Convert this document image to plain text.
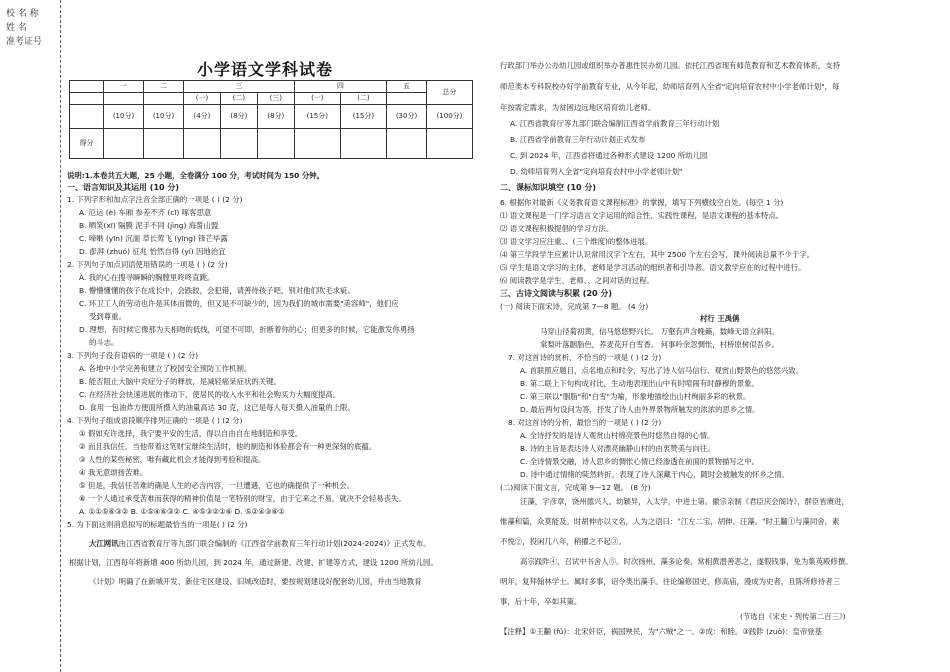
校 名 称
姓 名
准考证号
小学语文学科试卷
	一	二	三			四		五	总分
			(一)	(二)	(三)	(一)	(二)		
	(10分)	(10分)	(4分)	(8分)	(8分)	(15分)	(15分)	(30分)	(100分)
得分									
说明:1.本卷共五大题，25 小题，全卷满分 100 分，考试时间为 150 分钟。
一、语言知识及其运用 (10 分)
1. 下列字形和加点字注音全部正确的一项是 ( ) (2 分)
A. 厄运 (è) 车厢 参差不齐 (cī) 啄客思意
B. 哂笑(xī) 隔膜 泥手不同 (jìng) 海誓山盟
C. 啼啭 (yīn) 沉湎 草长莺飞 (yīng) 锋芒毕露
D. 澎湃 (zhuó) 征兆 怡然自得 (yí) 因地治宜
2. 下列句子加点词语使用错误的一项是 ( ) (2 分)
A. 我的心在搜寻瞬瞬的胸膛里咚咚直跳。
B. 懵懵懂懂的孩子在成长中，会跌跤，会犯错，请善待孩子吧，别对他们吹毛求疵。
C. 环卫工人的劳动也许是其体而微的，但又是不可缺少的，因为我们的城市需要"美容师"，他们应
受到尊重。
D. 理想，有时候它像那为天相吻的低线，可望不可即，折断着你的心；但更多的时候，它能激发你勇扬
的斗志。
3. 下列句子没有语病的一项是 ( ) (2 分)
A. 各地中小学完善和建立了校园安全预防工作机制。
B. 能否阻止大脑中炎症分子的释放，是减轻癌呆症状的关键。
C. 在经济社会快速进展的推动下，使居民的收入水平和社会购买力大幅度提高。
D. 食用一包油炸方便面所摄入的油量高达 30 克，这已是每人每天摄入油量的上限。
4. 下列句子组成语段顺序排列正确的一项是 ( ) (2 分)
① 假如充许选择，我宁要平安的生活，得以自由自在地制造和享受。
② 而且我信任，当他带着这笔财宝继续生活时，他的制造和体验都会有一种更深刻的底蕴。
③ 人性的某些秘密，唯有藏此机会才能得到考验和提高。
④ 我无意颂扬苦难。
⑤ 但是，我信任苦难的确是人生的必含内容，一旦遭遇，它也的确提供了一种机会。
⑥ 一个人通过承受苦难而获得的精神价值是一笔特别的财宝，由于它来之不易，就决不会轻易丧失。
A. ①①⑤⑥③② B. ①⑤④⑥③② C. ④⑤③②①⑥ D. ⑤②④③⑥①
5. 为下面这则消息拟写的标题最恰当的一项是( ) (2 分)
大江网讯由江西省教育厅等九部门联合编制的《江西省学前教育三年行动计划(2024-2024)》正式发布。
根据计划，江西每年将新增 400 所幼儿园，到 2024 年，通过新建、改建、扩建等方式，建设 1200 所幼儿园。
《计划》明确了在新城开发、新住宅区建设、旧城改造时，要按规划建设好配套幼儿园，并由当地教育
行政部门举办公办幼儿园或组织举办普惠性民办幼儿园。依托江西省现有师范教育和艺术教育体系，支持
师范类本专科院校办好学前教育专业，从今年起，幼师培育列入全省"定向培育农村中小学老师计划"，每
年按需定需求，为贫困边远地区培育幼儿老师。
A. 江西省教育厅等九部门联合编制江西省学前教育三年行动计划
B. 江西省学前教育三年行动计划正式发布
C. 到 2024 年，江西省将通过各种形式建设 1200 所幼儿园
D. 幼师培育列入全省"定向培育农村中小学老师计划"
二、课标知识填空 (10 分)
6. 根据你对最新《义务教育语文课程标准》的掌握，填写下列横线空白处。(每空 1 分)
⑴ 语文课程是一门学习语言文字运用的综合性、实践性课程，是语文课程的基本特点。
⑵ 语文课程积极提倡的学习方法。
⑶ 语文学习应注重、、(三个维度)的整体进展。
⑷ 第三学段学生应累计认识常用汉字个左右，其中 2500 个左右会写，课外阅读总量不少于字。
⑸ 学生是语文学习的主体，老师是学习活动的组织者和引导者。语文教学应在的过程中进行。
⑹ 阅读教学是学生、老师、、之间对话的过程。
三、古诗文阅读与积累 (20 分)
(一) 阅读下面宋诗，完成第 7—8 题。 (4 分)
村行 王禹偁
马穿山径菊初黄，信马悠悠野兴长。 万壑有声含晚籁，数峰无语立斜阳。
棠梨叶落胭脂色，荞麦花开白雪香。 何事吟余忽惆怅，村桥原树似吾乡。
7. 对这首诗的赏析，不恰当的一项是 ( ) (2 分)
A. 首联照应题目，点名地点和时令，写出了诗人信马信行、观赏山野景色的悠然兴致。
B. 第二联上下句构成对比，生动地表现出山中有时喧闹有时静穆的景象。
C. 第三联以"胭脂"和"白雪"为喻，形象地描绘出山村绚丽多彩的秋景。
D. 最后两句设问为答，抒发了诗人由外界景物所触发的浓浓的思乡之情。
8. 对这首诗的分析，最恰当的一项是 ( ) (2 分)
A. 全诗抒发的是诗人观赏山村绵亮景色时悠然自得的心情。
B. 诗的主旨是表达诗人对漂亮幽静山村的由衷赞美与向往。
C. 全诗情景交融，诗人思乡的惆怅心情已经渗透在前面的景物描写之中。
D. 诗中通过情绪的陡然转折，表现了诗人深藏于内心、随时会被触发的怀乡之情。
(二)阅读下面文言，完成第 9—12 题。 (8 分)
汪藻，字彦章，饶州德兴人。幼颖异，入太学，中进士第。徽宗亲制《君臣庆会阁诗》，群臣皆赓进，
惟藻和篇，众莫能及。时胡伸亦以文名，人为之语曰："江左二宝，胡伸、汪藻。"时王黼①与藻同舍，素
不悦②，投闲几八年，稍擢之不起③。
高宗践阼④，召试中书舍人⑤。时次扬州，藻多论奏，常相黄潜善恶之，遂假钱事，免为集英殿修撰。
明年，复拜翰林学士。属时多事，诏令类出藻手。往论编修国史，修高庙，漫成为史者，且陈所修待者三
事，后十年，卒如其策。
(节选自《宋史・列传第二百三》)
【注释】①王黼 (fǔ)：北宋奸臣，祸国殃民，为"六贼"之一。②成：和睦。③践阼 (zuò)：皇帝登基
